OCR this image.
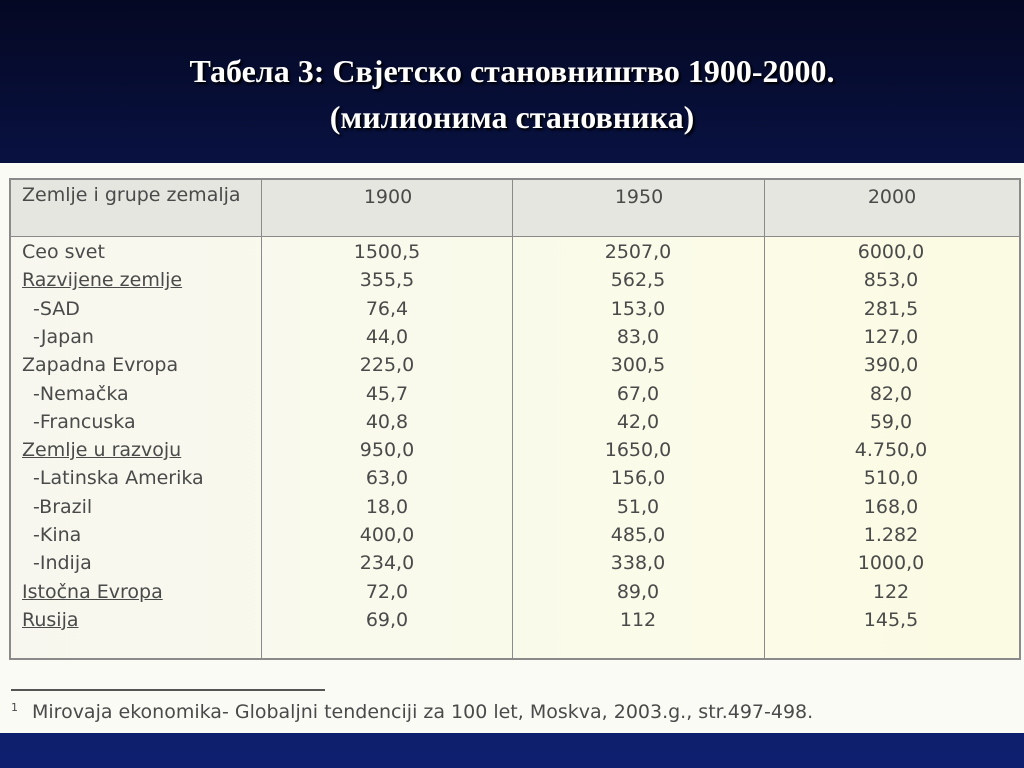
Табела 3: Свјетско становништво 1900-2000.
(милионима становника)
Zemlje i grupe zemalja	1900	1950	2000
Ceo svet	1500,5	2507,0	6000,0
Razvijene zemlje	355,5	562,5	853,0
-SAD	76,4	153,0	281,5
-Japan	44,0	83,0	127,0
Zapadna Evropa	225,0	300,5	390,0
-Nemačka	45,7	67,0	82,0
-Francuska	40,8	42,0	59,0
Zemlje u razvoju	950,0	1650,0	4.750,0
-Latinska Amerika	63,0	156,0	510,0
-Brazil	18,0	51,0	168,0
-Kina	400,0	485,0	1.282
-Indija	234,0	338,0	1000,0
Istočna Evropa	72,0	89,0	122
Rusija	69,0	112	145,5
$^1$ Mirovaja ekonomika- Globaljni tendenciji za 100 let, Moskva, 2003.g., str.497-498.
